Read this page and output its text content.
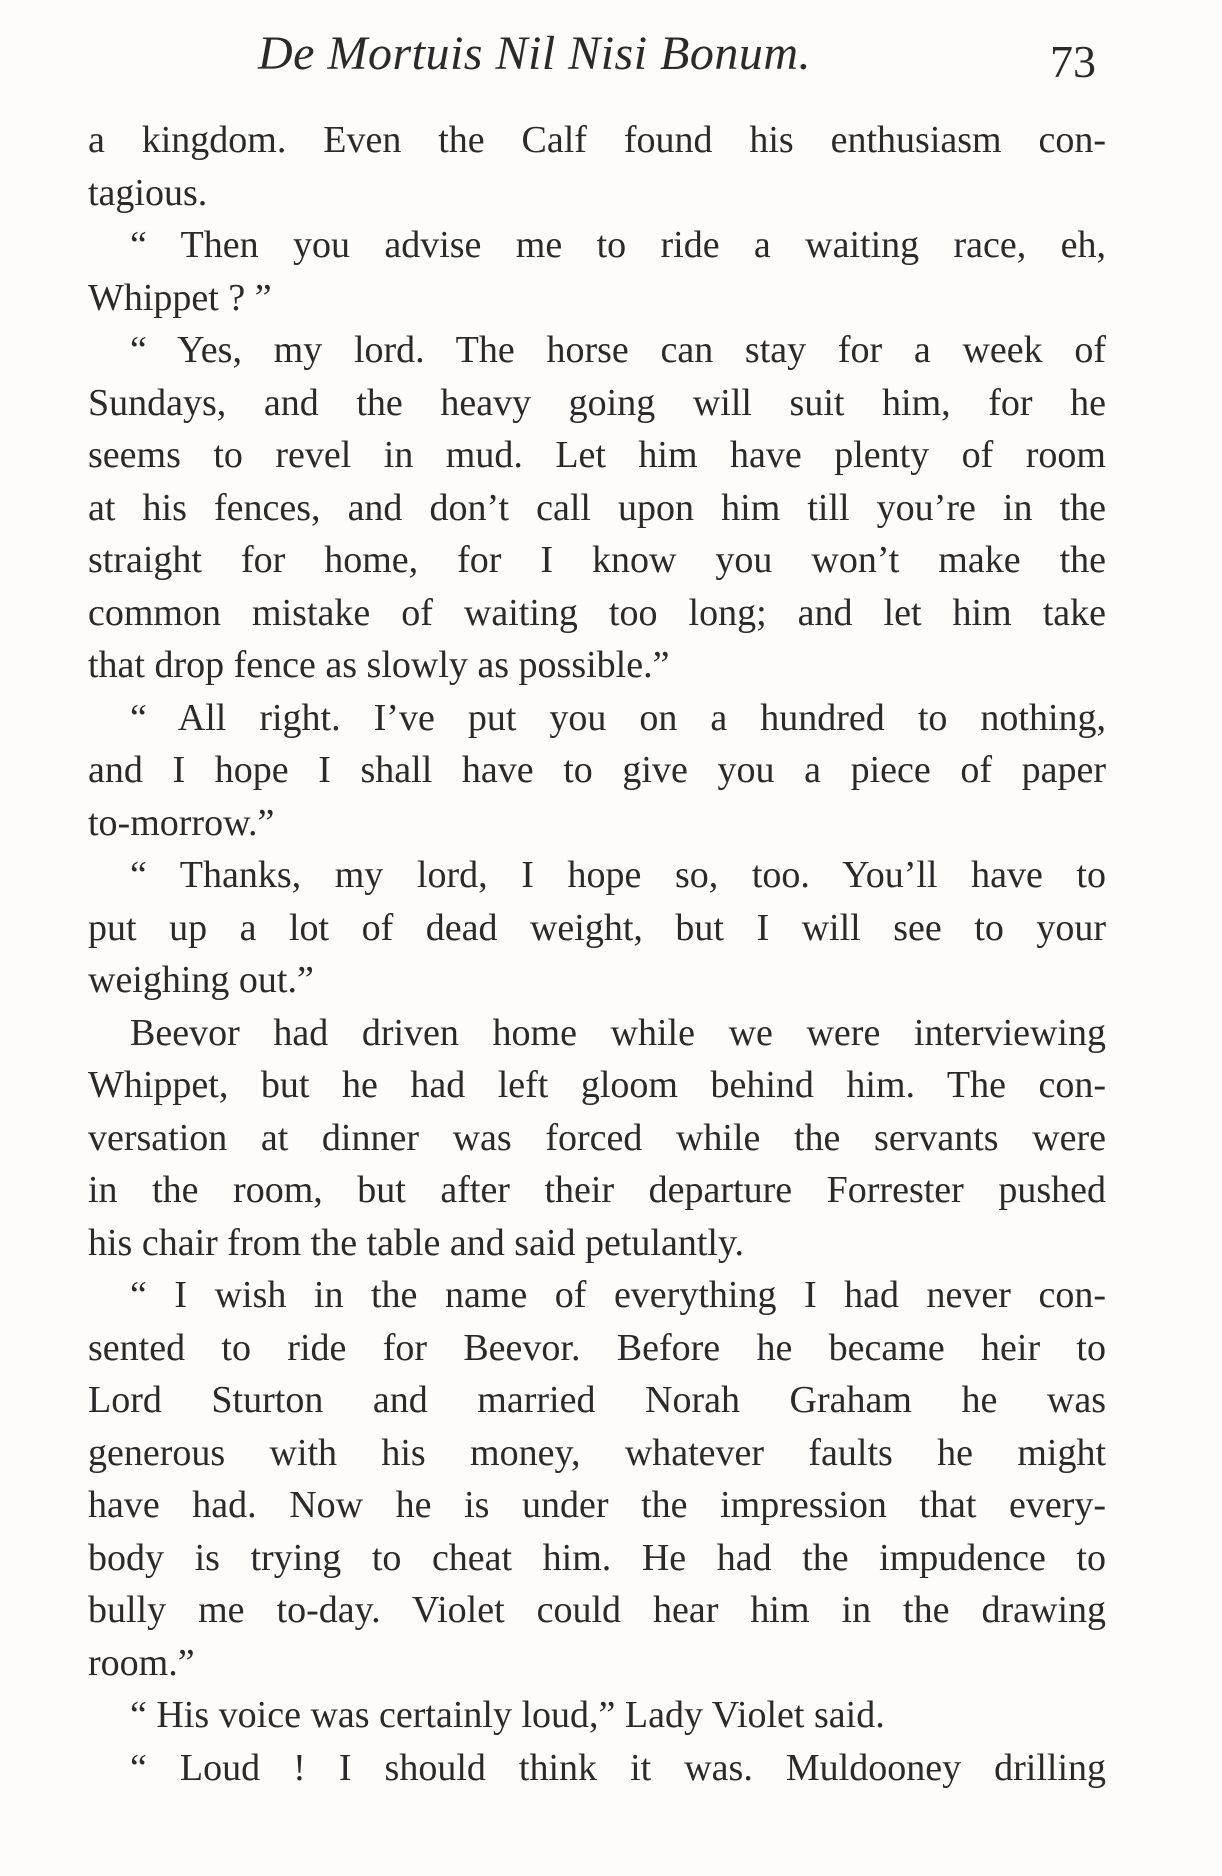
De Mortuis Nil Nisi Bonum.	73
a kingdom. Even the Calf found his enthusiasm con-
tagious.
“ Then you advise me to ride a waiting race, eh,
Whippet ? ”
“ Yes, my lord. The horse can stay for a week of
Sundays, and the heavy going will suit him, for he
seems to revel in mud. Let him have plenty of room
at his fences, and don’t call upon him till you’re in the
straight for home, for I know you won’t make the
common mistake of waiting too long; and let him take
that drop fence as slowly as possible.”
“ All right. I’ve put you on a hundred to nothing,
and I hope I shall have to give you a piece of paper
to-morrow.”
“ Thanks, my lord, I hope so, too. You’ll have to
put up a lot of dead weight, but I will see to your
weighing out.”
Beevor had driven home while we were interviewing
Whippet, but he had left gloom behind him. The con-
versation at dinner was forced while the servants were
in the room, but after their departure Forrester pushed
his chair from the table and said petulantly.
“ I wish in the name of everything I had never con-
sented to ride for Beevor. Before he became heir to
Lord Sturton and married Norah Graham he was
generous with his money, whatever faults he might
have had. Now he is under the impression that every-
body is trying to cheat him. He had the impudence to
bully me to-day. Violet could hear him in the drawing
room.”
“ His voice was certainly loud,” Lady Violet said.
“ Loud ! I should think it was. Muldooney drilling
